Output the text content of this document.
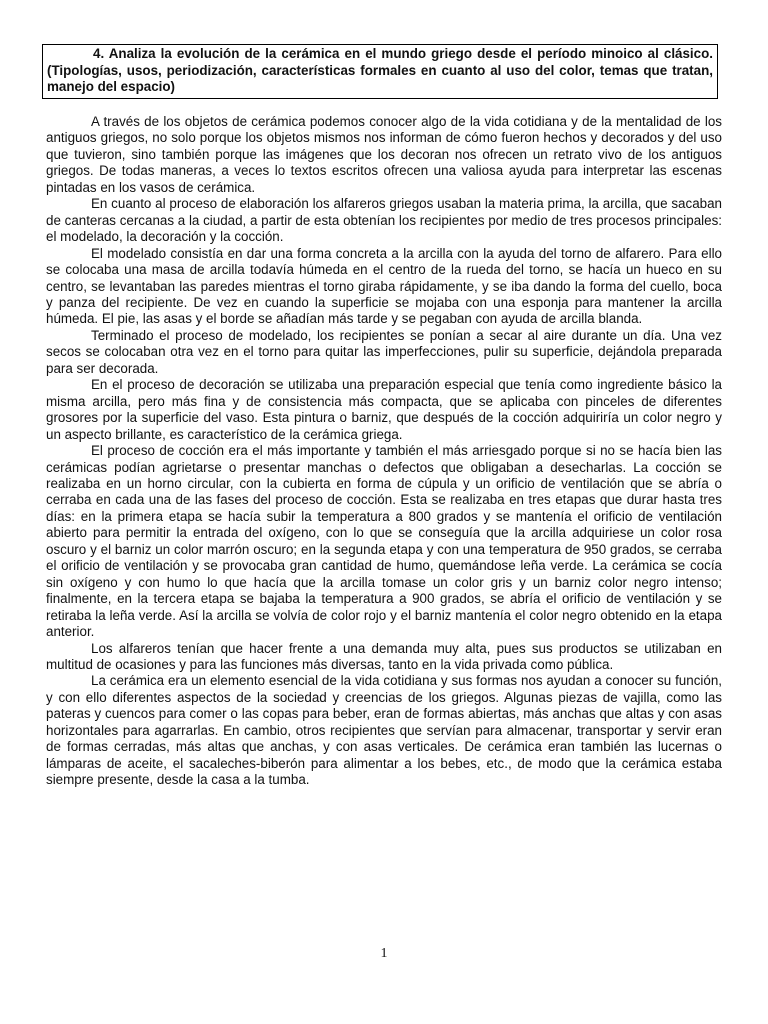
4. Analiza la evolución de la cerámica en el mundo griego desde el período minoico al clásico. (Tipologías, usos, periodización, características formales en cuanto al uso del color, temas que tratan, manejo del espacio)

A través de los objetos de cerámica podemos conocer algo de la vida cotidiana y de la mentalidad de los antiguos griegos, no solo porque los objetos mismos nos informan de cómo fueron hechos y decorados y del uso que tuvieron, sino también porque las imágenes que los decoran nos ofrecen un retrato vivo de los antiguos griegos. De todas maneras, a veces lo textos escritos ofrecen una valiosa ayuda para interpretar las escenas pintadas en los vasos de cerámica.

En cuanto al proceso de elaboración los alfareros griegos usaban la materia prima, la arcilla, que sacaban de canteras cercanas a la ciudad, a partir de esta obtenían los recipientes por medio de tres procesos principales: el modelado, la decoración y la cocción.

El modelado consistía en dar una forma concreta a la arcilla con la ayuda del torno de alfarero. Para ello se colocaba una masa de arcilla todavía húmeda en el centro de la rueda del torno, se hacía un hueco en su centro, se levantaban las paredes mientras el torno giraba rápidamente, y se iba dando la forma del cuello, boca y panza del recipiente. De vez en cuando la superficie se mojaba con una esponja para mantener la arcilla húmeda. El pie, las asas y el borde se añadían más tarde y se pegaban con ayuda de arcilla blanda.

Terminado el proceso de modelado, los recipientes se ponían a secar al aire durante un día. Una vez secos se colocaban otra vez en el torno para quitar las imperfecciones, pulir su superficie, dejándola preparada para ser decorada.

En el proceso de decoración se utilizaba una preparación especial que tenía como ingrediente básico la misma arcilla, pero más fina y de consistencia más compacta, que se aplicaba con pinceles de diferentes grosores por la superficie del vaso. Esta pintura o barniz, que después de la cocción adquiriría un color negro y un aspecto brillante, es característico de la cerámica griega.

El proceso de cocción era el más importante y también el más arriesgado porque si no se hacía bien las cerámicas podían agrietarse o presentar manchas o defectos que obligaban a desecharlas. La cocción se realizaba en un horno circular, con la cubierta en forma de cúpula y un orificio de ventilación que se abría o cerraba en cada una de las fases del proceso de cocción. Esta se realizaba en tres etapas que durar hasta tres días: en la primera etapa se hacía subir la temperatura a 800 grados y se mantenía el orificio de ventilación abierto para permitir la entrada del oxígeno, con lo que se conseguía que la arcilla adquiriese un color rosa oscuro y el barniz un color marrón oscuro; en la segunda etapa y con una temperatura de 950 grados, se cerraba el orificio de ventilación y se provocaba gran cantidad de humo, quemándose leña verde. La cerámica se cocía sin oxígeno y con humo lo que hacía que la arcilla tomase un color gris y un barniz color negro intenso; finalmente, en la tercera etapa se bajaba la temperatura a 900 grados, se abría el orificio de ventilación y se retiraba la leña verde. Así la arcilla se volvía de color rojo y el barniz mantenía el color negro obtenido en la etapa anterior.

Los alfareros tenían que hacer frente a una demanda muy alta, pues sus productos se utilizaban en multitud de ocasiones y para las funciones más diversas, tanto en la vida privada como pública.

La cerámica era un elemento esencial de la vida cotidiana y sus formas nos ayudan a conocer su función, y con ello diferentes aspectos de la sociedad y creencias de los griegos. Algunas piezas de vajilla, como las pateras y cuencos para comer o las copas para beber, eran de formas abiertas, más anchas que altas y con asas horizontales para agarrarlas. En cambio, otros recipientes que servían para almacenar, transportar y servir eran de formas cerradas, más altas que anchas, y con asas verticales. De cerámica eran también las lucernas o lámparas de aceite, el sacaleches-biberón para alimentar a los bebes, etc., de modo que la cerámica estaba siempre presente, desde la casa a la tumba.

1
